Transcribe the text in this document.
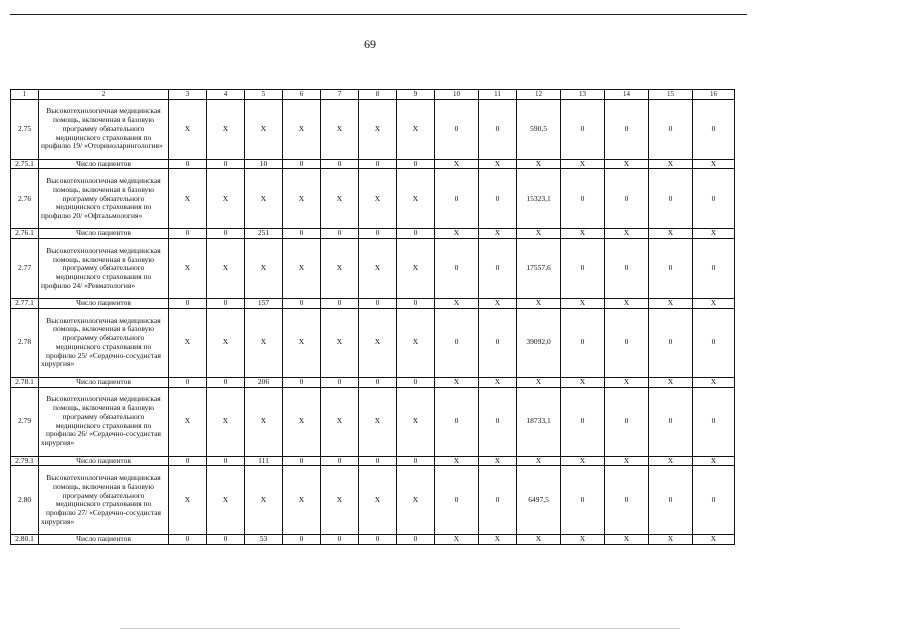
69
1	2	3	4	5	6	7	8	9	10	11	12	13	14	15	16
2.75	Высокотехнологичная медицинская помощь, включенная в базовую программу обязательного медицинского страхования по профилю 19/ «Оториноларингология»	X	X	X	X	X	X	X	0	0	590,5	0	0	0	0
2.75.1	Число пациентов	0	0	10	0	0	0	0	X	X	X	X	X	X	X
2.76	Высокотехнологичная медицинская помощь, включенная в базовую программу обязательного медицинского страхования по профилю 20/ «Офтальмология»	X	X	X	X	X	X	X	0	0	15323,1	0	0	0	0
2.76.1	Число пациентов	0	0	251	0	0	0	0	X	X	X	X	X	X	X
2.77	Высокотехнологичная медицинская помощь, включенная в базовую программу обязательного медицинского страхования по профилю 24/ «Ревматология»	X	X	X	X	X	X	X	0	0	17557,6	0	0	0	0
2.77.1	Число пациентов	0	0	157	0	0	0	0	X	X	X	X	X	X	X
2.78	Высокотехнологичная медицинская помощь, включенная в базовую программу обязательного медицинского страхования по профилю 25/ «Сердечно-сосудистая хирургия»	X	X	X	X	X	X	X	0	0	39092,0	0	0	0	0
2.78.1	Число пациентов	0	0	206	0	0	0	0	X	X	X	X	X	X	X
2.79	Высокотехнологичная медицинская помощь, включенная в базовую программу обязательного медицинского страхования по профилю 26/ «Сердечно-сосудистая хирургия»	X	X	X	X	X	X	X	0	0	18733,1	0	0	0	0
2.79.1	Число пациентов	0	0	111	0	0	0	0	X	X	X	X	X	X	X
2.80	Высокотехнологичная медицинская помощь, включенная в базовую программу обязательного медицинского страхования по профилю 27/ «Сердечно-сосудистая хирургия»	X	X	X	X	X	X	X	0	0	6497,5	0	0	0	0
2.80.1	Число пациентов	0	0	53	0	0	0	0	X	X	X	X	X	X	X
